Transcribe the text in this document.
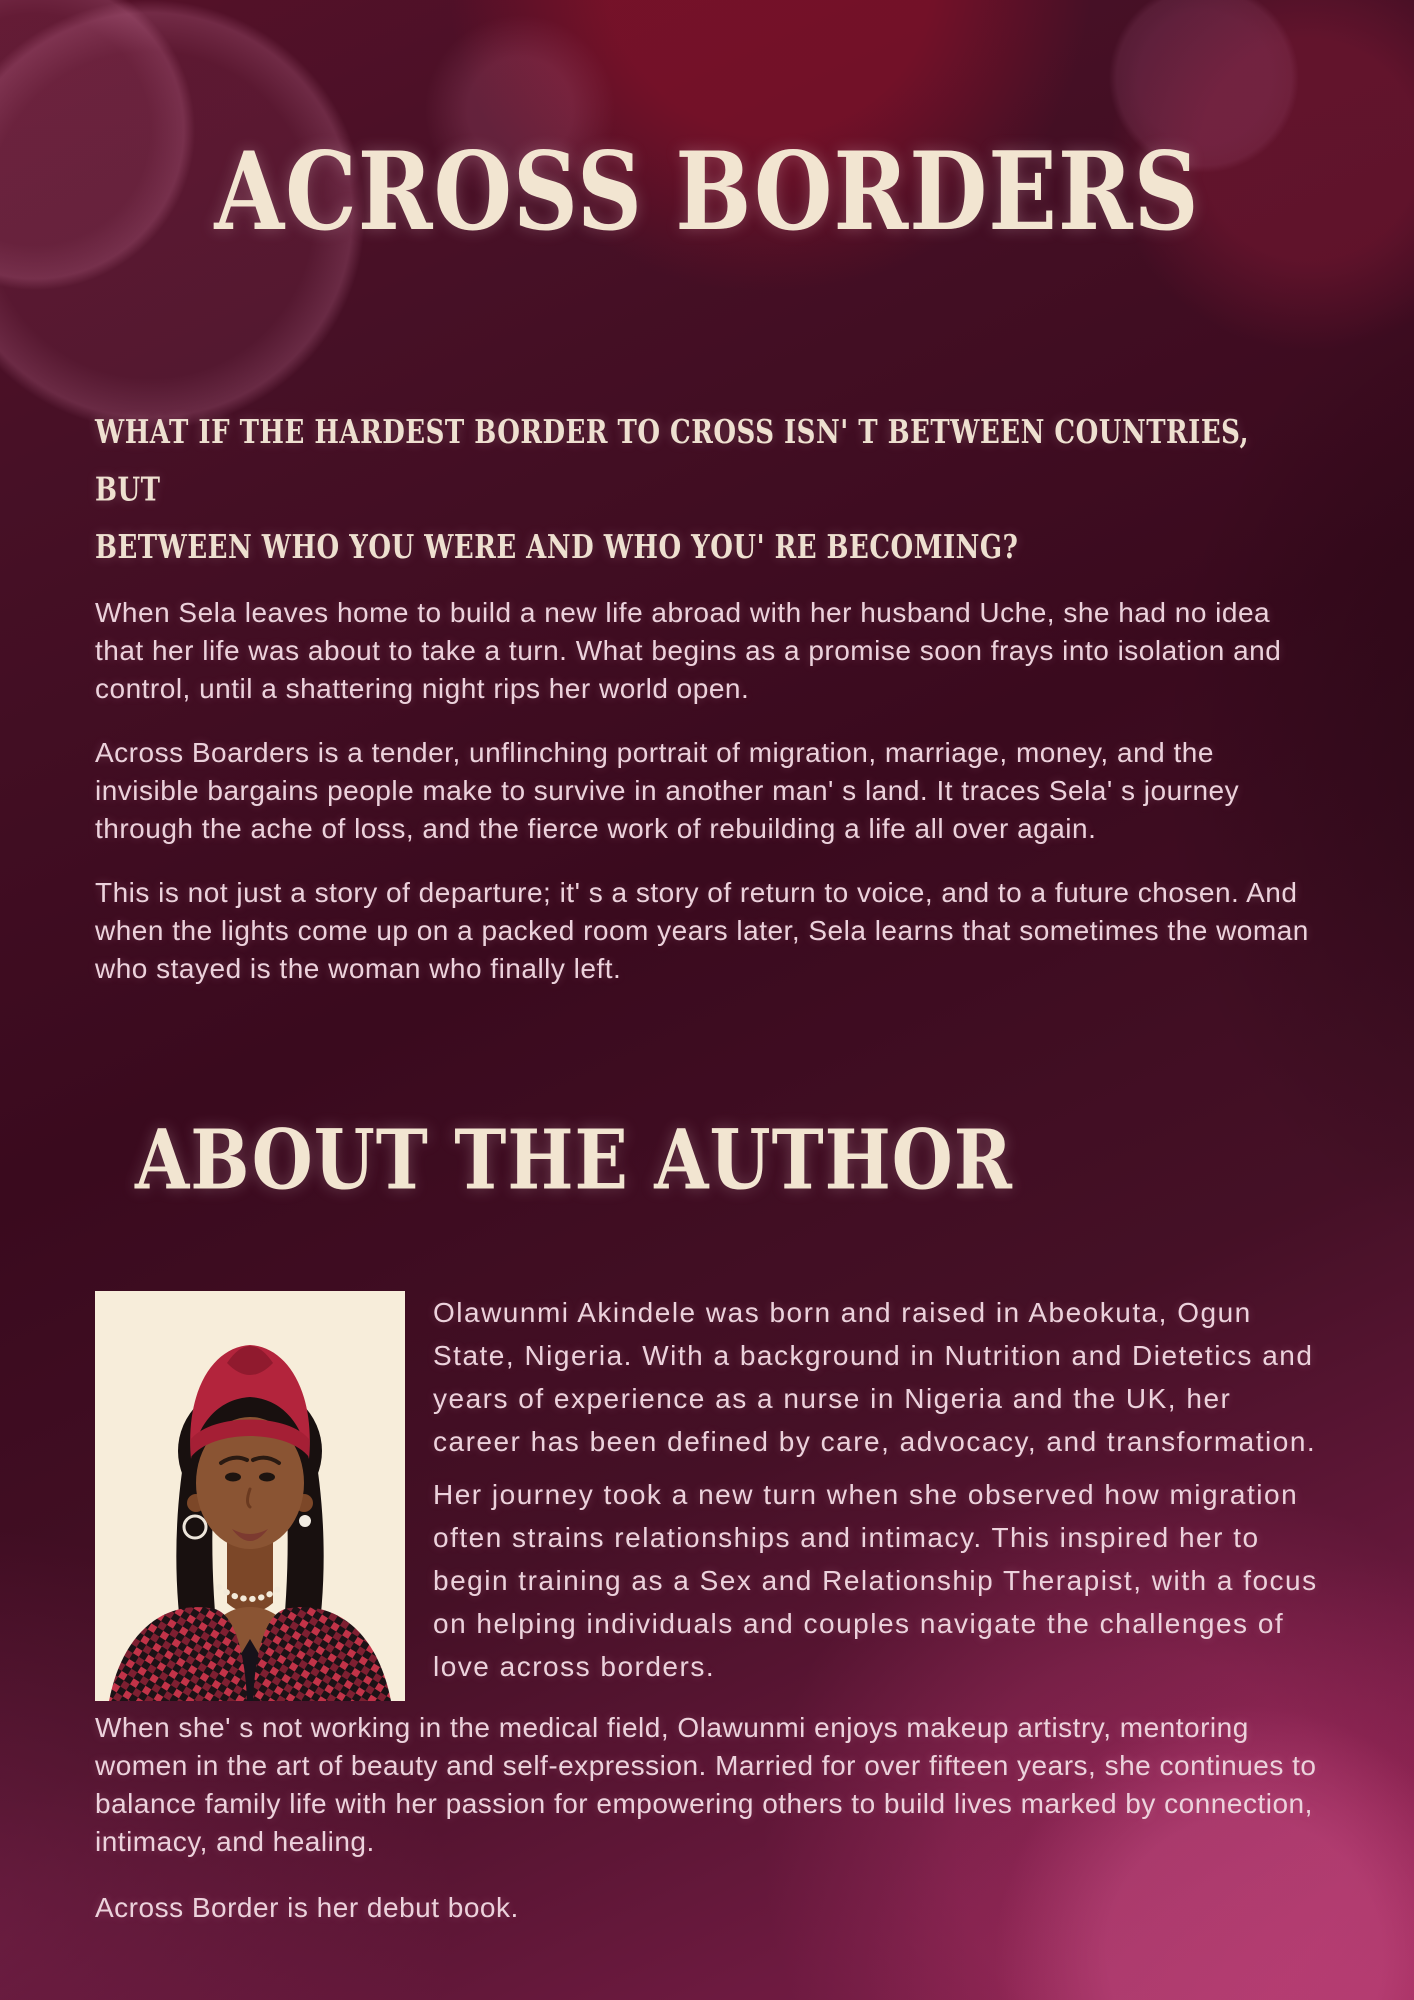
ACROSS BORDERS
WHAT IF THE HARDEST BORDER TO CROSS ISN' T BETWEEN COUNTRIES, BUT
BETWEEN WHO YOU WERE AND WHO YOU' RE BECOMING?

When Sela leaves home to build a new life abroad with her husband Uche, she had no idea that her life was about to take a turn. What begins as a promise soon frays into isolation and control, until a shattering night rips her world open.

Across Boarders is a tender, unflinching portrait of migration, marriage, money, and the invisible bargains people make to survive in another man' s land. It traces Sela' s journey through the ache of loss, and the fierce work of rebuilding a life all over again.

This is not just a story of departure; it' s a story of return to voice, and to a future chosen. And when the lights come up on a packed room years later, Sela learns that sometimes the woman who stayed is the woman who finally left.

ABOUT THE AUTHOR

Olawunmi Akindele was born and raised in Abeokuta, Ogun State, Nigeria. With a background in Nutrition and Dietetics and years of experience as a nurse in Nigeria and the UK, her career has been defined by care, advocacy, and transformation.

Her journey took a new turn when she observed how migration often strains relationships and intimacy. This inspired her to begin training as a Sex and Relationship Therapist, with a focus on helping individuals and couples navigate the challenges of love across borders.

When she' s not working in the medical field, Olawunmi enjoys makeup artistry, mentoring women in the art of beauty and self-expression. Married for over fifteen years, she continues to balance family life with her passion for empowering others to build lives marked by connection, intimacy, and healing.

Across Border is her debut book.
